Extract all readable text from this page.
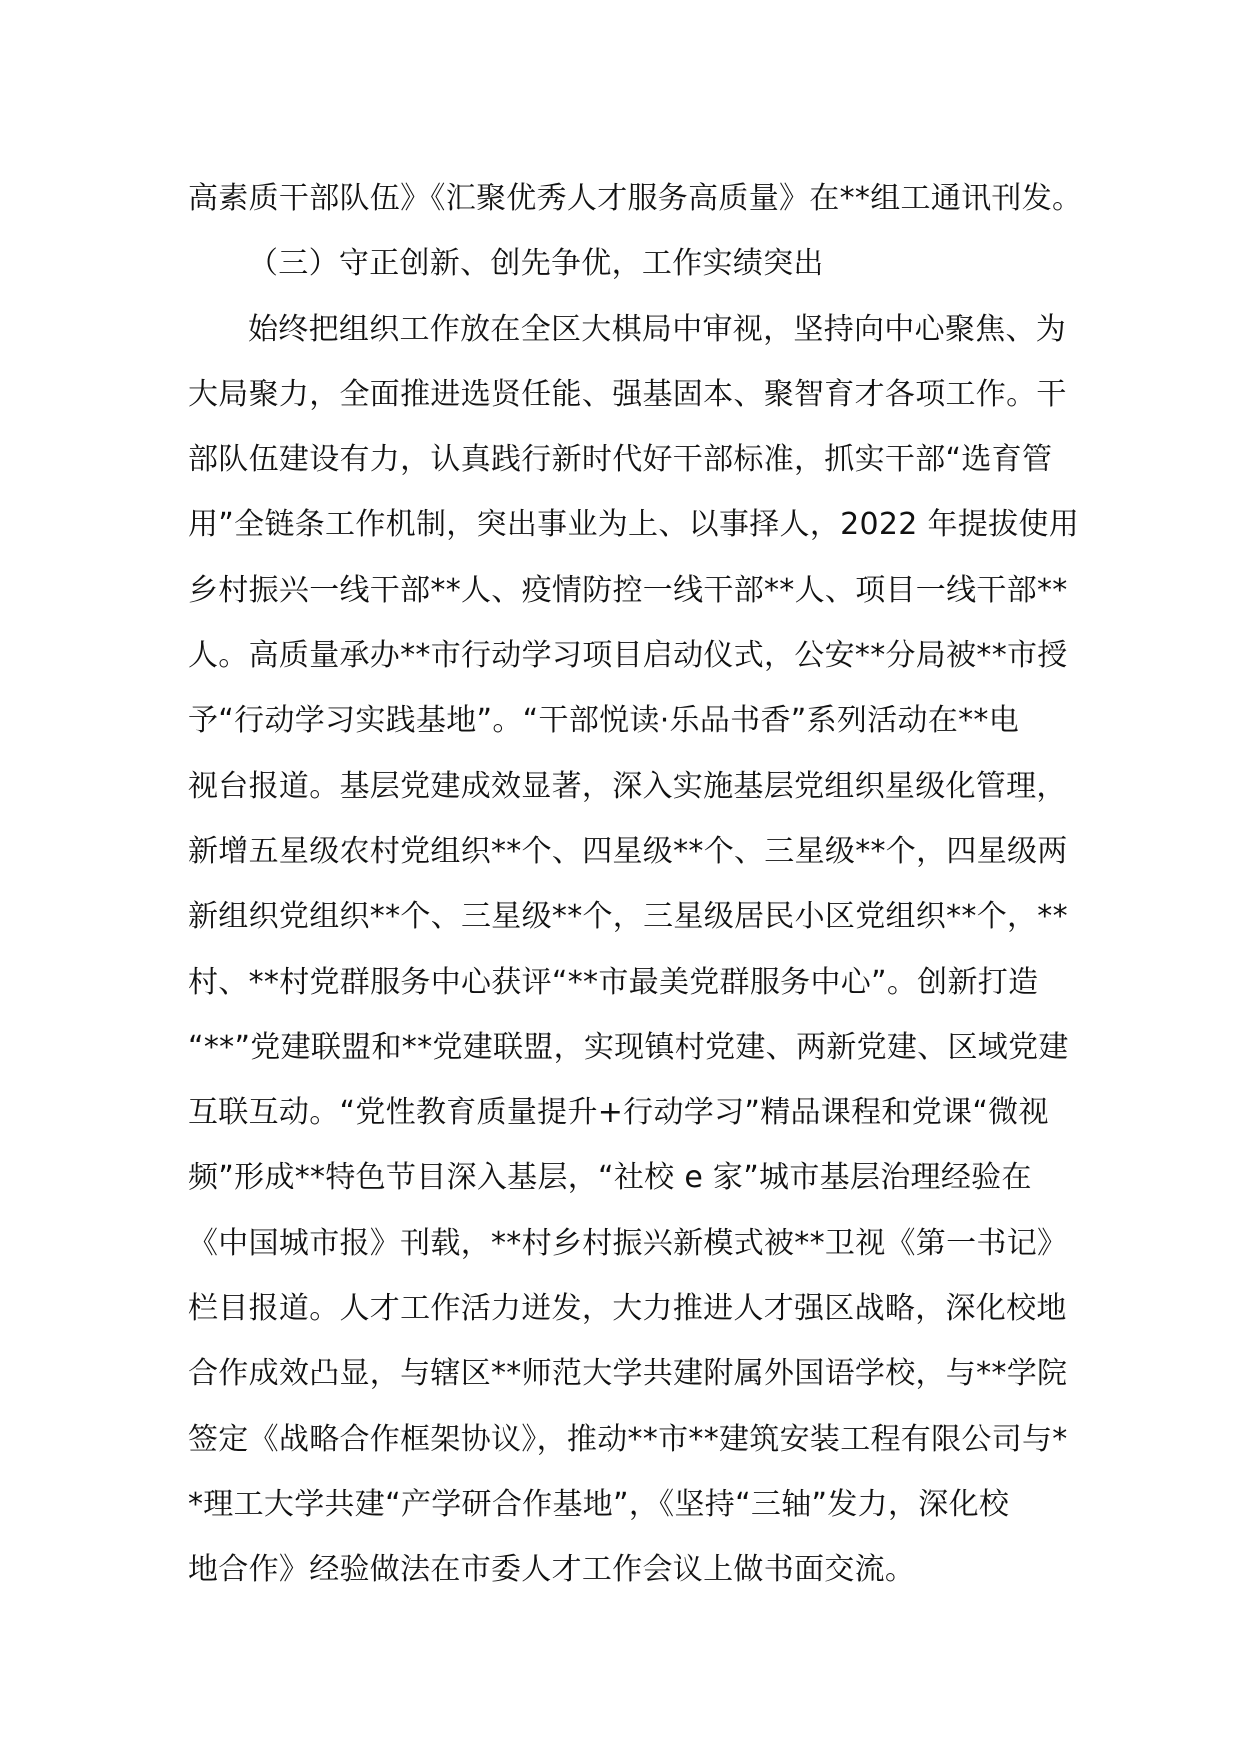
高素质干部队伍》《汇聚优秀人才服务高质量》在**组工通讯刊发。
（三）守正创新、创先争优，工作实绩突出
始终把组织工作放在全区大棋局中审视，坚持向中心聚焦、为
大局聚力，全面推进选贤任能、强基固本、聚智育才各项工作。干
部队伍建设有力，认真践行新时代好干部标准，抓实干部“选育管
用”全链条工作机制，突出事业为上、以事择人，2022 年提拔使用
乡村振兴一线干部**人、疫情防控一线干部**人、项目一线干部**
人。高质量承办**市行动学习项目启动仪式，公安**分局被**市授
予“行动学习实践基地”。“干部悦读·乐品书香”系列活动在**电
视台报道。基层党建成效显著，深入实施基层党组织星级化管理，
新增五星级农村党组织**个、四星级**个、三星级**个，四星级两
新组织党组织**个、三星级**个，三星级居民小区党组织**个，**
村、**村党群服务中心获评“**市最美党群服务中心”。创新打造
“**”党建联盟和**党建联盟，实现镇村党建、两新党建、区域党建
互联互动。“党性教育质量提升+行动学习”精品课程和党课“微视
频”形成**特色节目深入基层，“社校 e 家”城市基层治理经验在
《中国城市报》刊载，**村乡村振兴新模式被**卫视《第一书记》
栏目报道。人才工作活力迸发，大力推进人才强区战略，深化校地
合作成效凸显，与辖区**师范大学共建附属外国语学校，与**学院
签定《战略合作框架协议》，推动**市**建筑安装工程有限公司与*
*理工大学共建“产学研合作基地”，《坚持“三轴”发力，深化校
地合作》经验做法在市委人才工作会议上做书面交流。
